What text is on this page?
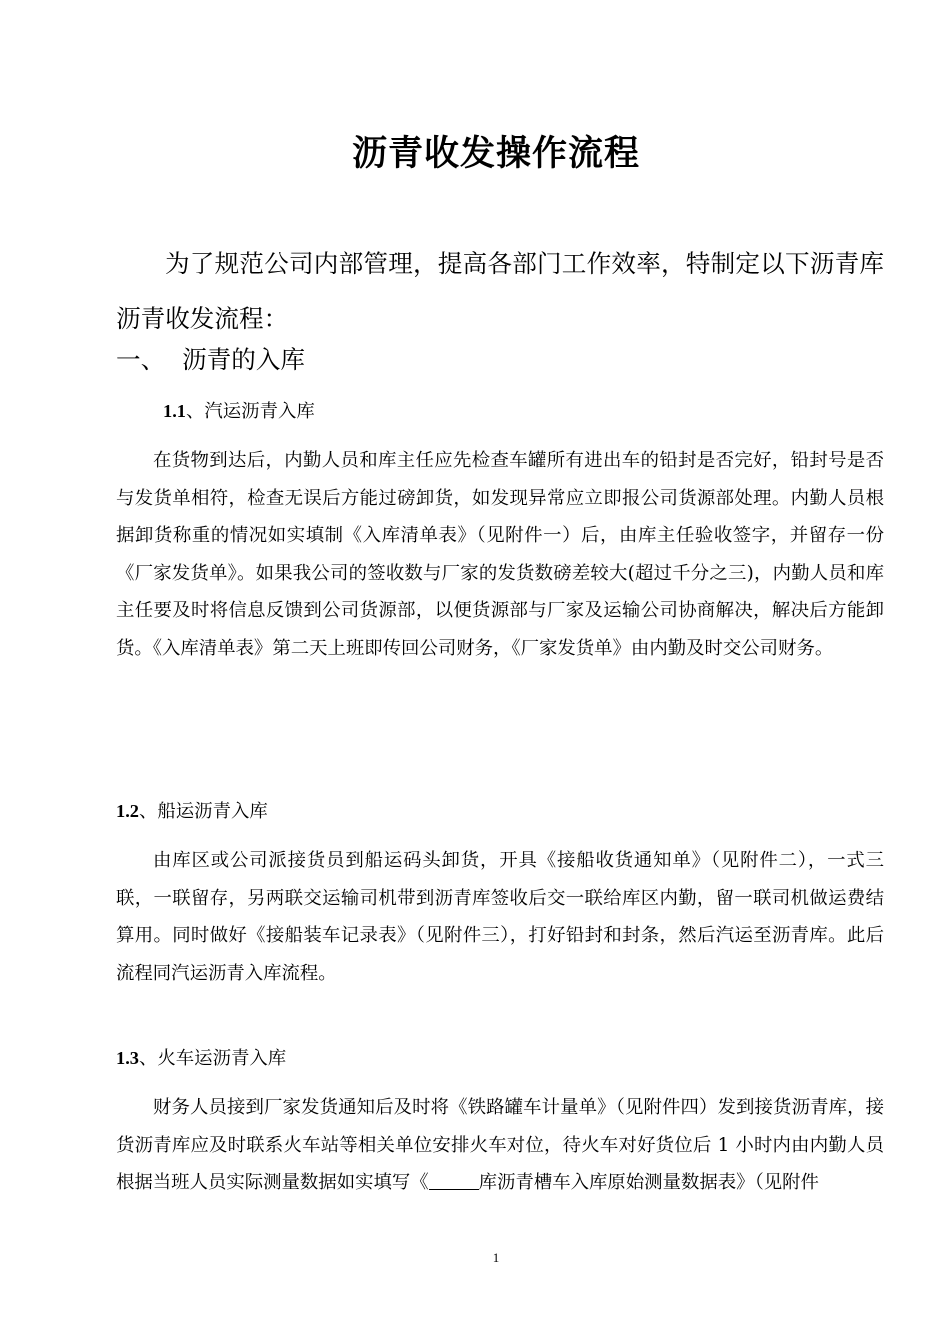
沥青收发操作流程

为了规范公司内部管理，提高各部门工作效率，特制定以下沥青库沥青收发流程：

一、 沥青的入库

1.1、汽运沥青入库

在货物到达后，内勤人员和库主任应先检查车罐所有进出车的铅封是否完好，铅封号是否与发货单相符，检查无误后方能过磅卸货，如发现异常应立即报公司货源部处理。内勤人员根据卸货称重的情况如实填制《入库清单表》（见附件一）后，由库主任验收签字，并留存一份《厂家发货单》。如果我公司的签收数与厂家的发货数磅差较大(超过千分之三)，内勤人员和库主任要及时将信息反馈到公司货源部，以便货源部与厂家及运输公司协商解决，解决后方能卸货。《入库清单表》第二天上班即传回公司财务，《厂家发货单》由内勤及时交公司财务。

1.2、船运沥青入库

由库区或公司派接货员到船运码头卸货，开具《接船收货通知单》（见附件二），一式三联，一联留存，另两联交运输司机带到沥青库签收后交一联给库区内勤，留一联司机做运费结算用。同时做好《接船装车记录表》（见附件三），打好铅封和封条，然后汽运至沥青库。此后流程同汽运沥青入库流程。

1.3、火车运沥青入库

财务人员接到厂家发货通知后及时将《铁路罐车计量单》（见附件四）发到接货沥青库，接货沥青库应及时联系火车站等相关单位安排火车对位，待火车对好货位后 1 小时内由内勤人员根据当班人员实际测量数据如实填写《	库沥青槽车入库原始测量数据表》（见附件

1
